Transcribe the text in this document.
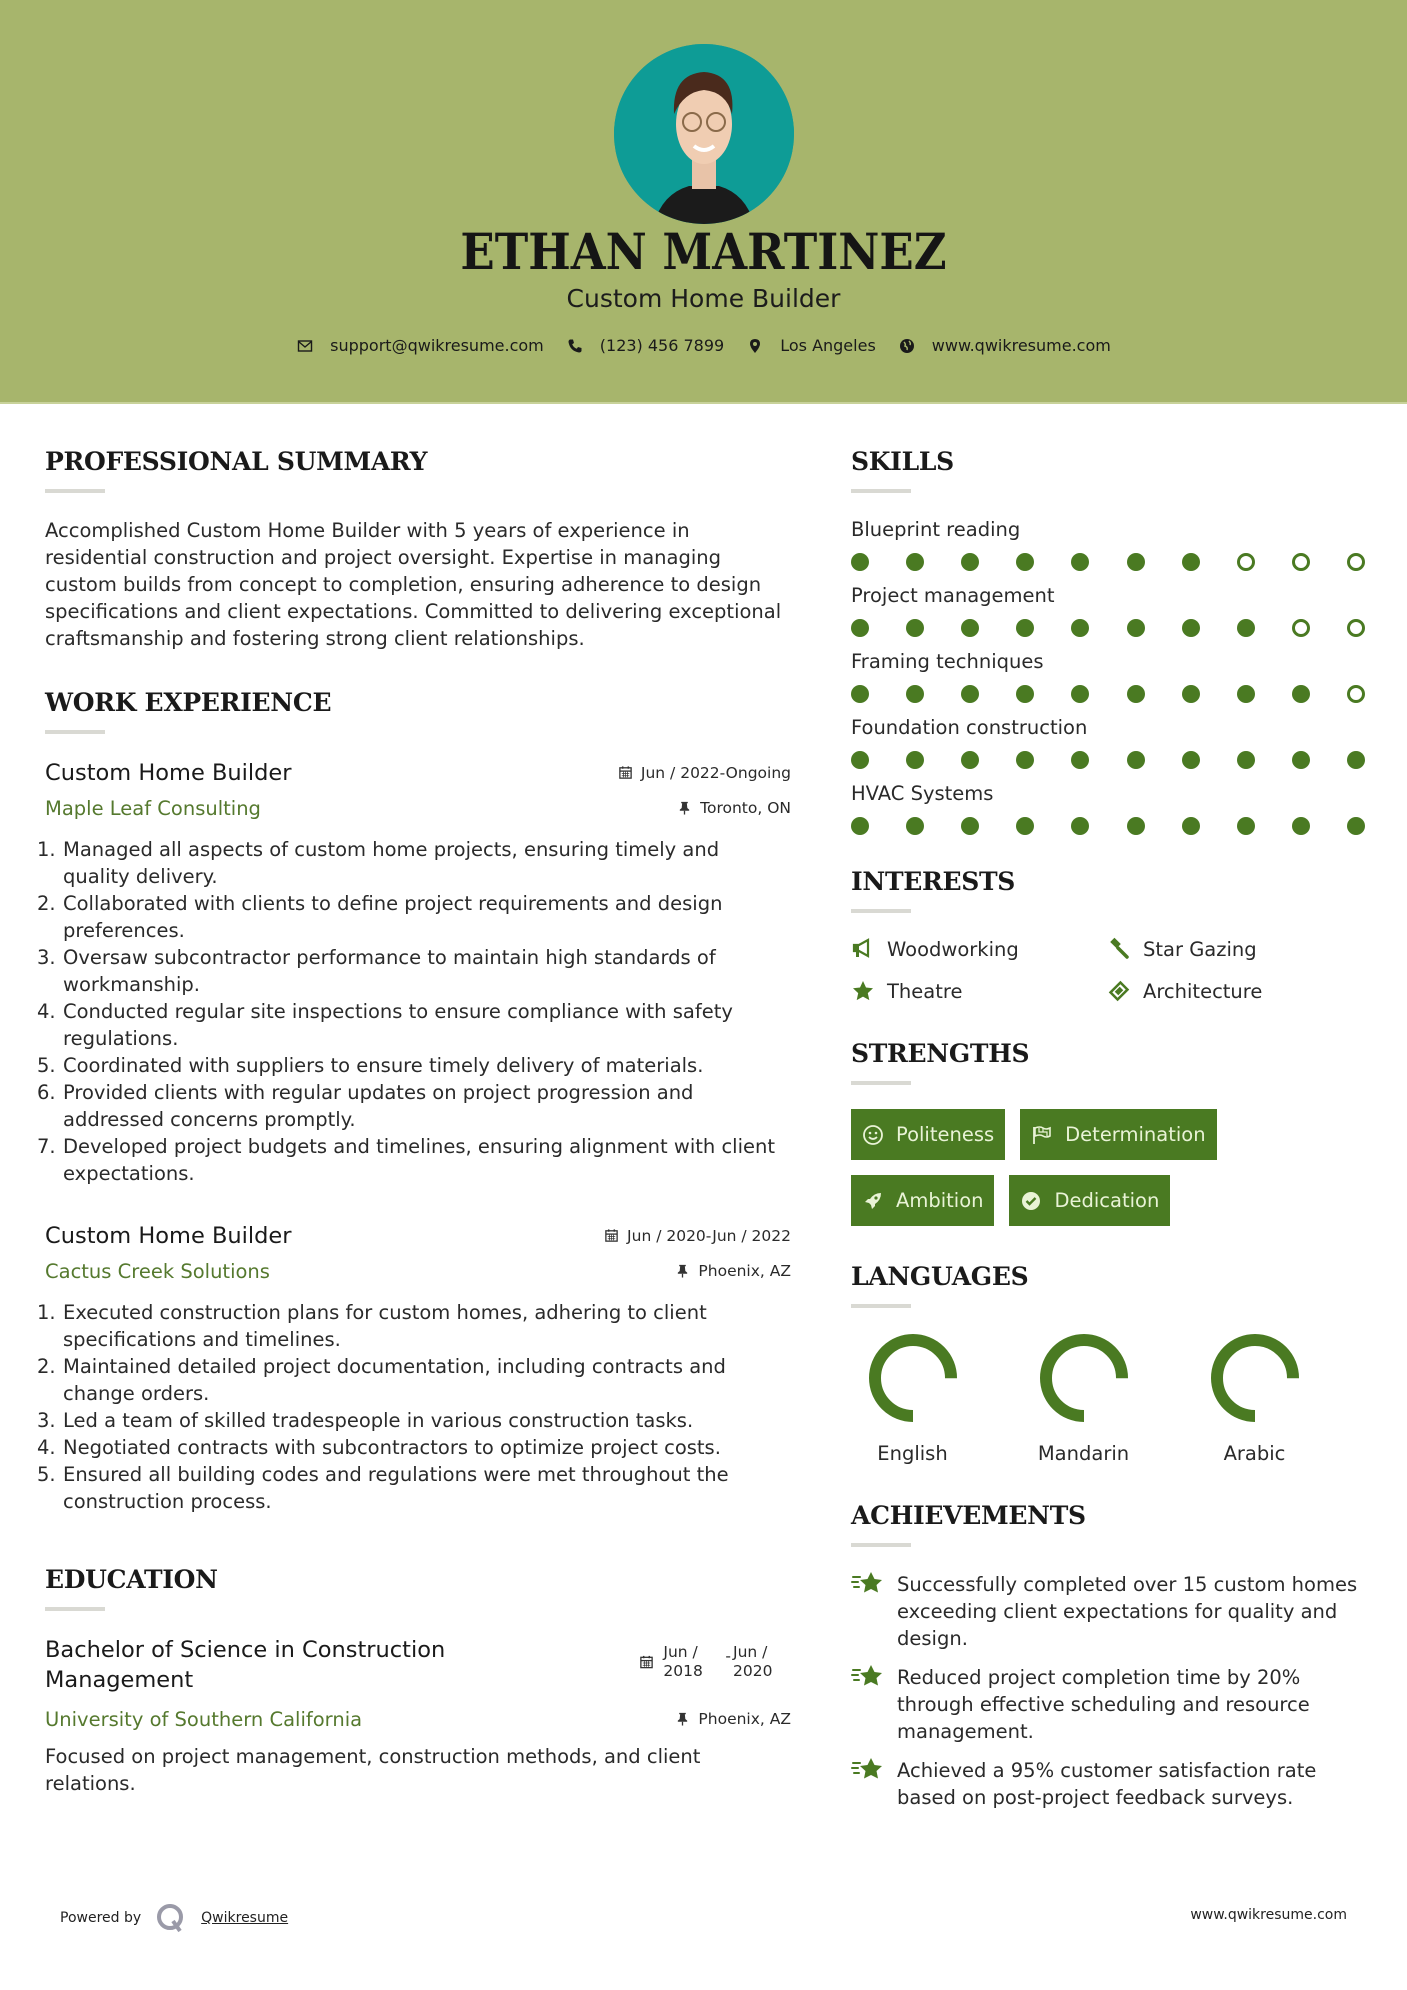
ETHAN MARTINEZ
Custom Home Builder
support@qwikresume.com	(123) 456 7899	Los Angeles	www.qwikresume.com
PROFESSIONAL SUMMARY

Accomplished Custom Home Builder with 5 years of experience in residential construction and project oversight. Expertise in managing custom builds from concept to completion, ensuring adherence to design specifications and client expectations. Committed to delivering exceptional craftsmanship and fostering strong client relationships.

WORK EXPERIENCE
Custom Home Builder	Jun / 2022-Ongoing
Maple Leaf Consulting	Toronto, ON
1. Managed all aspects of custom home projects, ensuring timely and quality delivery.
2. Collaborated with clients to define project requirements and design preferences.
3. Oversaw subcontractor performance to maintain high standards of workmanship.
4. Conducted regular site inspections to ensure compliance with safety regulations.
5. Coordinated with suppliers to ensure timely delivery of materials.
6. Provided clients with regular updates on project progression and addressed concerns promptly.
7. Developed project budgets and timelines, ensuring alignment with client expectations.
Custom Home Builder	Jun / 2020-Jun / 2022
Cactus Creek Solutions	Phoenix, AZ
1. Executed construction plans for custom homes, adhering to client specifications and timelines.
2. Maintained detailed project documentation, including contracts and change orders.
3. Led a team of skilled tradespeople in various construction tasks.
4. Negotiated contracts with subcontractors to optimize project costs.
5. Ensured all building codes and regulations were met throughout the construction process.
EDUCATION
Bachelor of Science in Construction Management
Jun / 2018
- Jun / 2020
University of Southern California	Phoenix, AZ

Focused on project management, construction methods, and client relations.

SKILLS
Blueprint reading
Project management
Framing techniques
Foundation construction
HVAC Systems
INTERESTS
Woodworking	Star Gazing
Theatre	Architecture
STRENGTHS
Politeness	Determination
Ambition	Dedication
LANGUAGES
English	Mandarin	Arabic
ACHIEVEMENTS
Successfully completed over 15 custom homes exceeding client expectations for quality and design.
Reduced project completion time by 20% through effective scheduling and resource management.
Achieved a 95% customer satisfaction rate based on post-project feedback surveys.
Powered by	Qwikresume	www.qwikresume.com
